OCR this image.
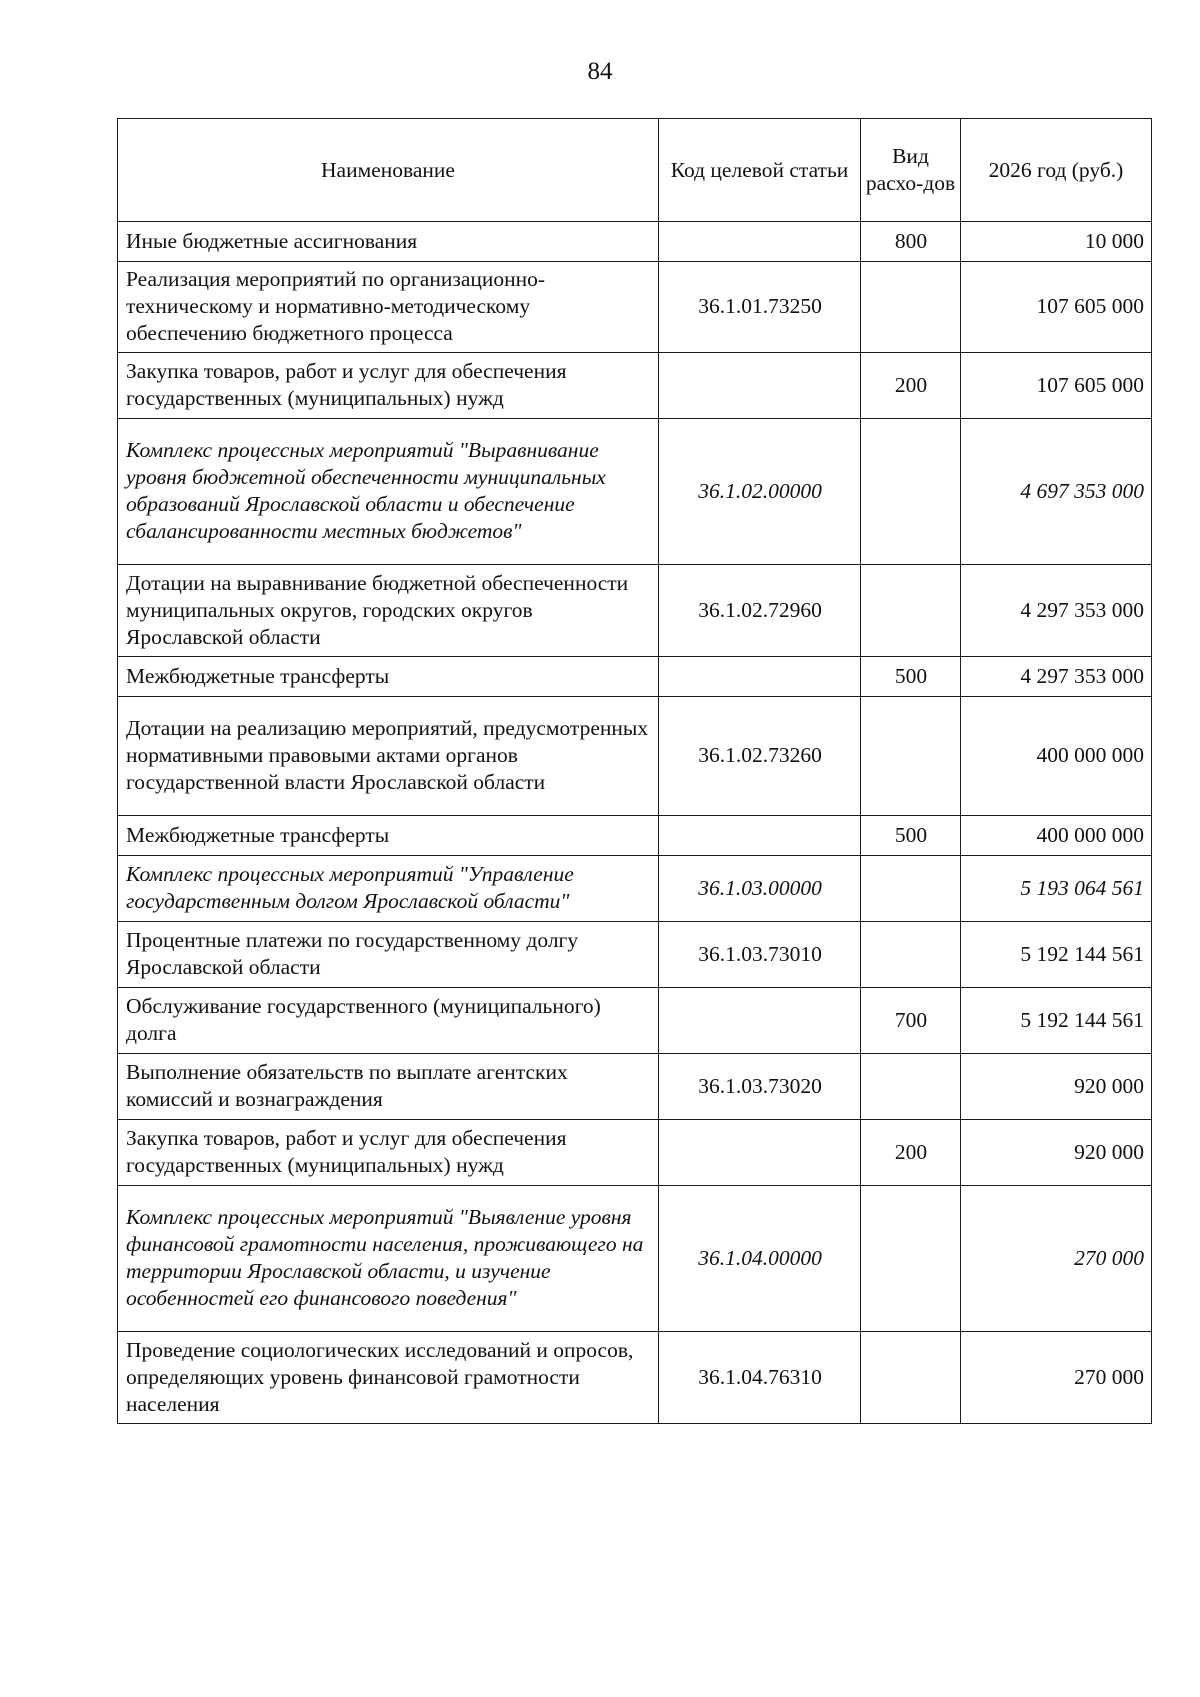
84
Наименование	Код целевой статьи	Вид расхо-дов	2026 год (руб.)
Иные бюджетные ассигнования		800	10 000
Реализация мероприятий по организационно-техническому и нормативно-методическому обеспечению бюджетного процесса	36.1.01.73250		107 605 000
Закупка товаров, работ и услуг для обеспечения государственных (муниципальных) нужд		200	107 605 000
Комплекс процессных мероприятий "Выравнивание уровня бюджетной обеспеченности муниципальных образований Ярославской области и обеспечение сбалансированности местных бюджетов"	36.1.02.00000		4 697 353 000
Дотации на выравнивание бюджетной обеспеченности муниципальных округов, городских округов Ярославской области	36.1.02.72960		4 297 353 000
Межбюджетные трансферты		500	4 297 353 000
Дотации на реализацию мероприятий, предусмотренных нормативными правовыми актами органов государственной власти Ярославской области	36.1.02.73260		400 000 000
Межбюджетные трансферты		500	400 000 000
Комплекс процессных мероприятий "Управление государственным долгом Ярославской области"	36.1.03.00000		5 193 064 561
Процентные платежи по государственному долгу Ярославской области	36.1.03.73010		5 192 144 561
Обслуживание государственного (муниципального) долга		700	5 192 144 561
Выполнение обязательств по выплате агентских комиссий и вознаграждения	36.1.03.73020		920 000
Закупка товаров, работ и услуг для обеспечения государственных (муниципальных) нужд		200	920 000
Комплекс процессных мероприятий "Выявление уровня финансовой грамотности населения, проживающего на территории Ярославской области, и изучение особенностей его финансового поведения"	36.1.04.00000		270 000
Проведение социологических исследований и опросов, определяющих уровень финансовой грамотности населения	36.1.04.76310		270 000
